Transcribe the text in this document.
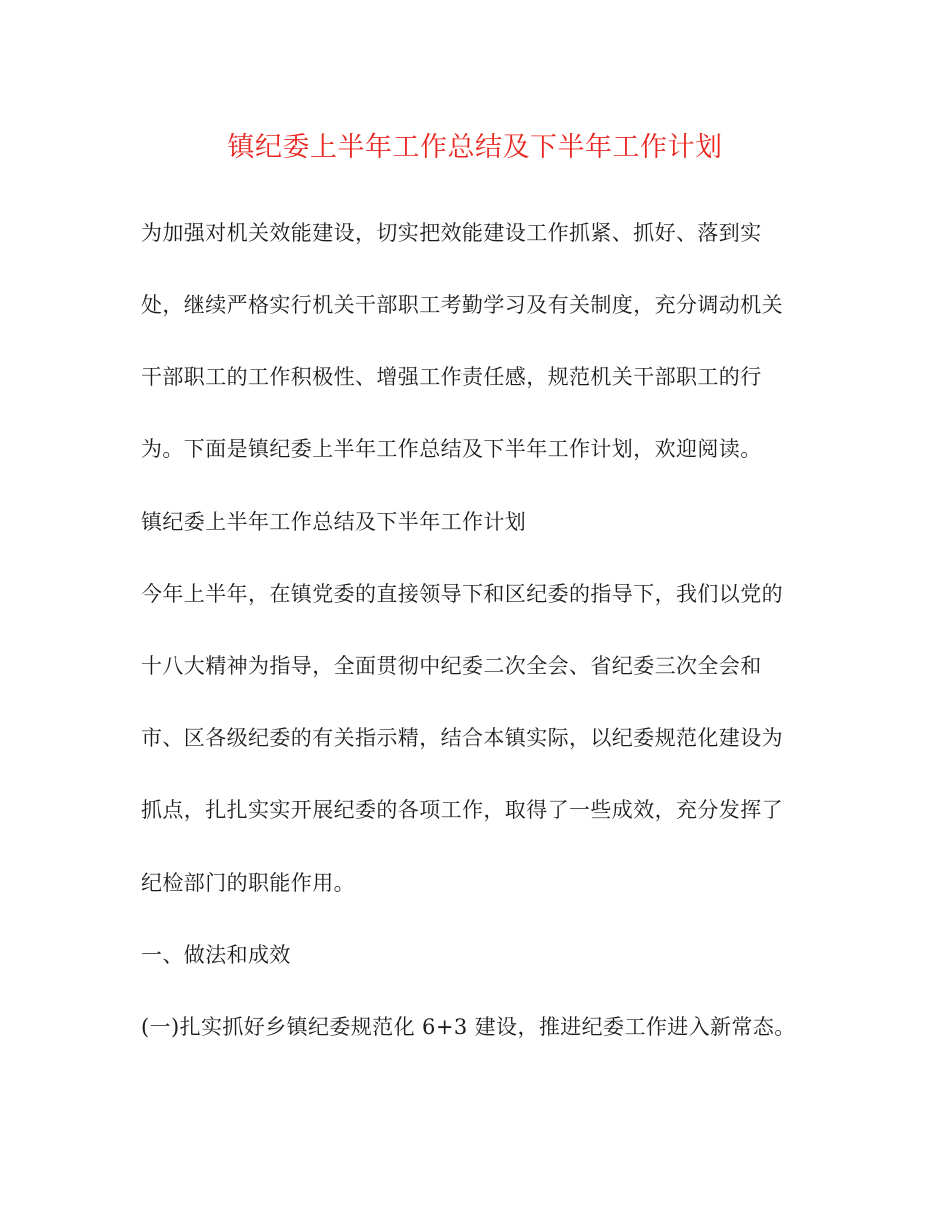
镇纪委上半年工作总结及下半年工作计划
为加强对机关效能建设，切实把效能建设工作抓紧、抓好、落到实
处，继续严格实行机关干部职工考勤学习及有关制度，充分调动机关
干部职工的工作积极性、增强工作责任感，规范机关干部职工的行
为。下面是镇纪委上半年工作总结及下半年工作计划，欢迎阅读。
镇纪委上半年工作总结及下半年工作计划
今年上半年，在镇党委的直接领导下和区纪委的指导下，我们以党的
十八大精神为指导，全面贯彻中纪委二次全会、省纪委三次全会和
市、区各级纪委的有关指示精，结合本镇实际，以纪委规范化建设为
抓点，扎扎实实开展纪委的各项工作，取得了一些成效，充分发挥了
纪检部门的职能作用。
一、做法和成效
(一)扎实抓好乡镇纪委规范化 6+3 建设，推进纪委工作进入新常态。
